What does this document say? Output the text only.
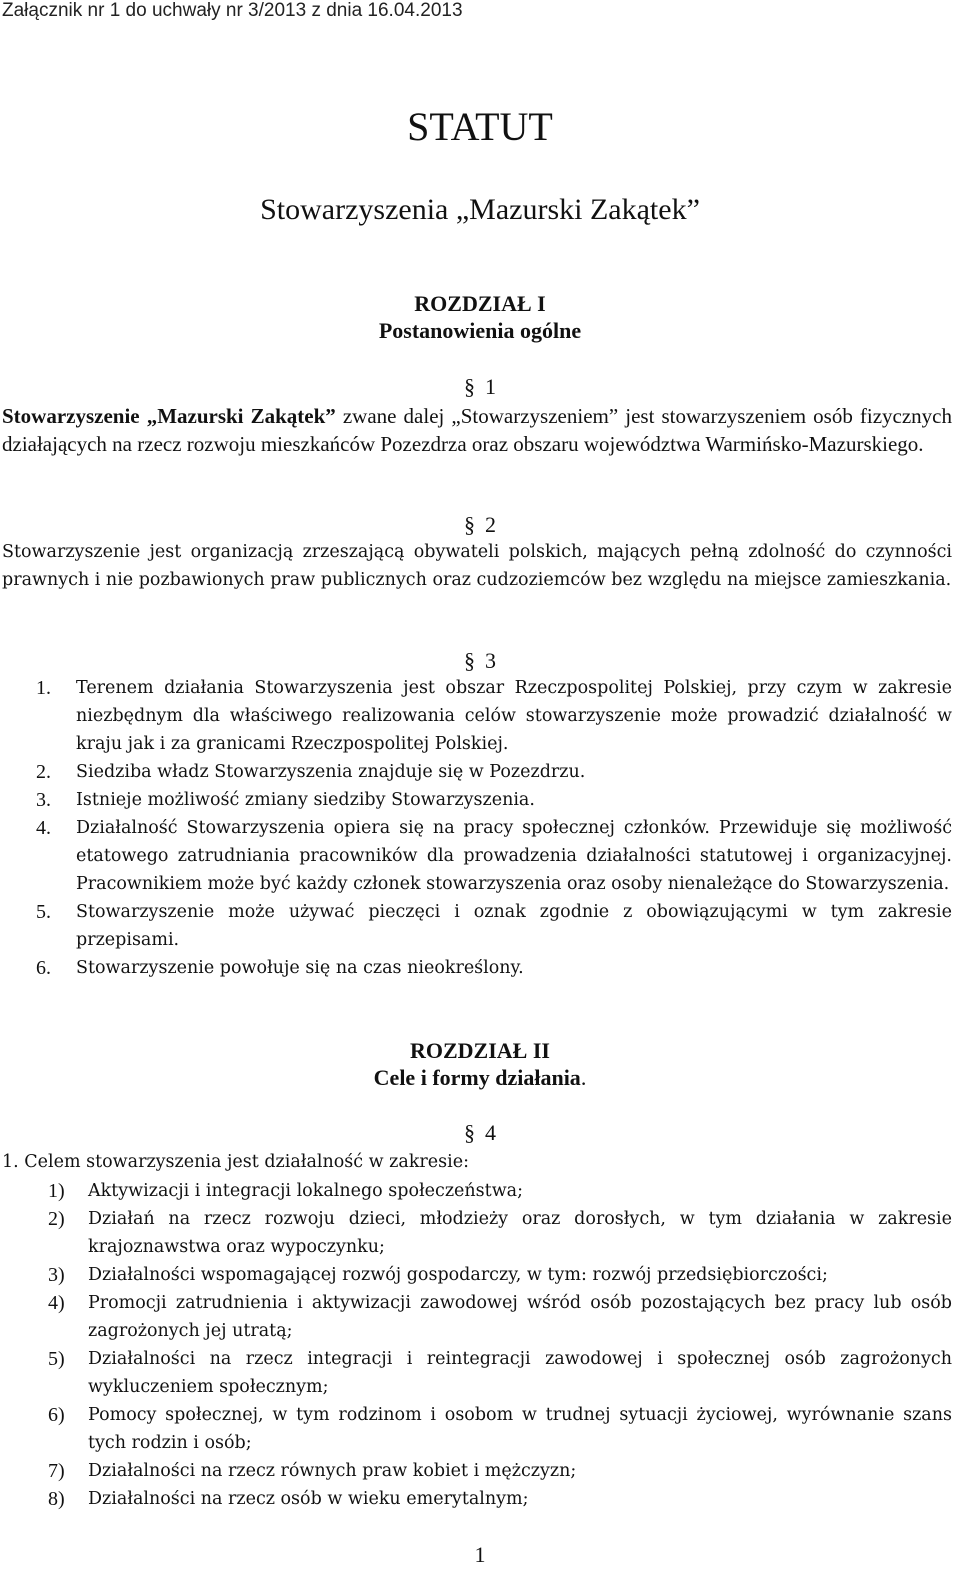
Załącznik nr 1 do uchwały nr 3/2013 z dnia 16.04.2013
STATUT
Stowarzyszenia „Mazurski Zakątek”
ROZDZIAŁ I
Postanowienia ogólne
§ 1
Stowarzyszenie „Mazurski Zakątek” zwane dalej „Stowarzyszeniem” jest stowarzyszeniem osób fizycznych działających na rzecz rozwoju mieszkańców Pozezdrza oraz obszaru województwa Warmińsko-Mazurskiego.
§ 2
Stowarzyszenie jest organizacją zrzeszającą obywateli polskich, mających pełną zdolność do czynności prawnych i nie pozbawionych praw publicznych oraz cudzoziemców bez względu na miejsce zamieszkania.
§ 3
1.	Terenem działania Stowarzyszenia jest obszar Rzeczpospolitej Polskiej, przy czym w zakresie niezbędnym dla właściwego realizowania celów stowarzyszenie może prowadzić działalność w kraju jak i za granicami Rzeczpospolitej Polskiej.
2.	Siedziba władz Stowarzyszenia znajduje się w Pozezdrzu.
3.	Istnieje możliwość zmiany siedziby Stowarzyszenia.
4.	Działalność Stowarzyszenia opiera się na pracy społecznej członków. Przewiduje się możliwość etatowego zatrudniania pracowników dla prowadzenia działalności statutowej i organizacyjnej. Pracownikiem może być każdy członek stowarzyszenia oraz osoby nienależące do Stowarzyszenia.
5.	Stowarzyszenie może używać pieczęci i oznak zgodnie z obowiązującymi w tym zakresie przepisami.
6.	Stowarzyszenie powołuje się na czas nieokreślony.
ROZDZIAŁ II
Cele i formy działania.
§ 4
1. Celem stowarzyszenia jest działalność w zakresie:
1)	Aktywizacji i integracji lokalnego społeczeństwa;
2)	Działań na rzecz rozwoju dzieci, młodzieży oraz dorosłych, w tym działania w zakresie krajoznawstwa oraz wypoczynku;
3)	Działalności wspomagającej rozwój gospodarczy, w tym: rozwój przedsiębiorczości;
4)	Promocji zatrudnienia i aktywizacji zawodowej wśród osób pozostających bez pracy lub osób zagrożonych jej utratą;
5)	Działalności na rzecz integracji i reintegracji zawodowej i społecznej osób zagrożonych wykluczeniem społecznym;
6)	Pomocy społecznej, w tym rodzinom i osobom w trudnej sytuacji życiowej, wyrównanie szans tych rodzin i osób;
7)	Działalności na rzecz równych praw kobiet i mężczyzn;
8)	Działalności na rzecz osób w wieku emerytalnym;
1
